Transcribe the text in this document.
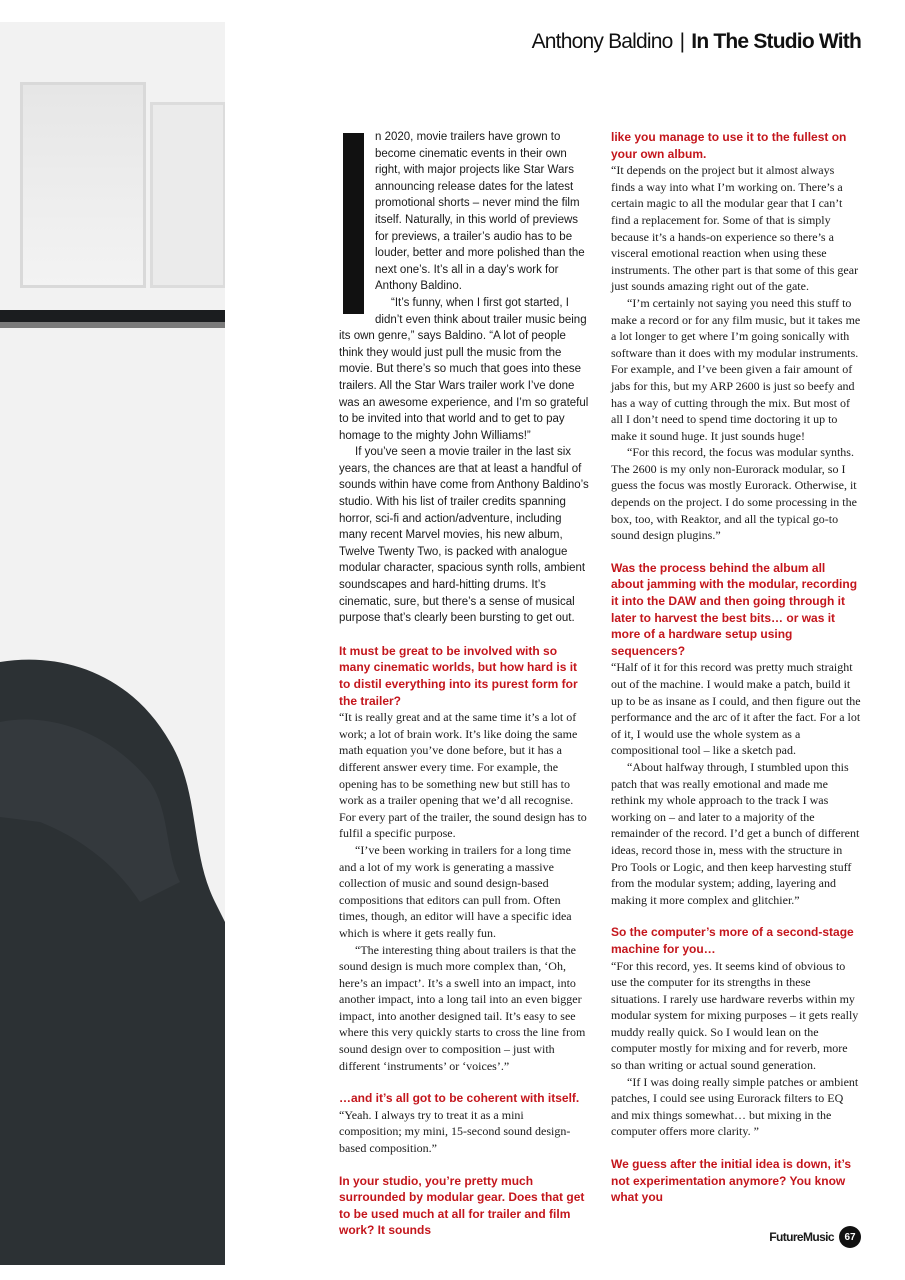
Anthony Baldino | In The Studio With

n 2020, movie trailers have grown to become cinematic events in their own right, with major projects like Star Wars announcing release dates for the latest promotional shorts – never mind the film itself. Naturally, in this world of previews for previews, a trailer’s audio has to be louder, better and more polished than the next one’s. It’s all in a day’s work for Anthony Baldino.

“It’s funny, when I first got started, I didn’t even think about trailer music being its own genre,” says Baldino. “A lot of people think they would just pull the music from the movie. But there’s so much that goes into these trailers. All the Star Wars trailer work I’ve done was an awesome experience, and I’m so grateful to be invited into that world and to get to pay homage to the mighty John Williams!”

If you’ve seen a movie trailer in the last six years, the chances are that at least a handful of sounds within have come from Anthony Baldino’s studio. With his list of trailer credits spanning horror, sci-fi and action/adventure, including many recent Marvel movies, his new album, Twelve Twenty Two, is packed with analogue modular character, spacious synth rolls, ambient soundscapes and hard-hitting drums. It’s cinematic, sure, but there’s a sense of musical purpose that’s clearly been bursting to get out.

It must be great to be involved with so many cinematic worlds, but how hard is it to distil everything into its purest form for the trailer?

“It is really great and at the same time it’s a lot of work; a lot of brain work. It’s like doing the same math equation you’ve done before, but it has a different answer every time. For example, the opening has to be something new but still has to work as a trailer opening that we’d all recognise. For every part of the trailer, the sound design has to fulfil a specific purpose.

“I’ve been working in trailers for a long time and a lot of my work is generating a massive collection of music and sound design-based compositions that editors can pull from. Often times, though, an editor will have a specific idea which is where it gets really fun.

“The interesting thing about trailers is that the sound design is much more complex than, ‘Oh, here’s an impact’. It’s a swell into an impact, into another impact, into a long tail into an even bigger impact, into another designed tail. It’s easy to see where this very quickly starts to cross the line from sound design over to composition – just with different ‘instruments’ or ‘voices’.”

…and it’s all got to be coherent with itself.

“Yeah. I always try to treat it as a mini composition; my mini, 15-second sound design-based composition.”

In your studio, you’re pretty much surrounded by modular gear. Does that get to be used much at all for trailer and film work? It sounds

like you manage to use it to the fullest on your own album.

“It depends on the project but it almost always finds a way into what I’m working on. There’s a certain magic to all the modular gear that I can’t find a replacement for. Some of that is simply because it’s a hands-on experience so there’s a visceral emotional reaction when using these instruments. The other part is that some of this gear just sounds amazing right out of the gate.

“I’m certainly not saying you need this stuff to make a record or for any film music, but it takes me a lot longer to get where I’m going sonically with software than it does with my modular instruments. For example, and I’ve been given a fair amount of jabs for this, but my ARP 2600 is just so beefy and has a way of cutting through the mix. But most of all I don’t need to spend time doctoring it up to make it sound huge. It just sounds huge!

“For this record, the focus was modular synths. The 2600 is my only non-Eurorack modular, so I guess the focus was mostly Eurorack. Otherwise, it depends on the project. I do some processing in the box, too, with Reaktor, and all the typical go-to sound design plugins.”

Was the process behind the album all about jamming with the modular, recording it into the DAW and then going through it later to harvest the best bits… or was it more of a hardware setup using sequencers?

“Half of it for this record was pretty much straight out of the machine. I would make a patch, build it up to be as insane as I could, and then figure out the performance and the arc of it after the fact. For a lot of it, I would use the whole system as a compositional tool – like a sketch pad.

“About halfway through, I stumbled upon this patch that was really emotional and made me rethink my whole approach to the track I was working on – and later to a majority of the remainder of the record. I’d get a bunch of different ideas, record those in, mess with the structure in Pro Tools or Logic, and then keep harvesting stuff from the modular system; adding, layering and making it more complex and glitchier.”

So the computer’s more of a second-stage machine for you…

“For this record, yes. It seems kind of obvious to use the computer for its strengths in these situations. I rarely use hardware reverbs within my modular system for mixing purposes – it gets really muddy really quick. So I would lean on the computer mostly for mixing and for reverb, more so than writing or actual sound generation.

“If I was doing really simple patches or ambient patches, I could see using Eurorack filters to EQ and mix things somewhat… but mixing in the computer offers more clarity. ”

We guess after the initial idea is down, it’s not experimentation anymore? You know what you

FutureMusic	67
